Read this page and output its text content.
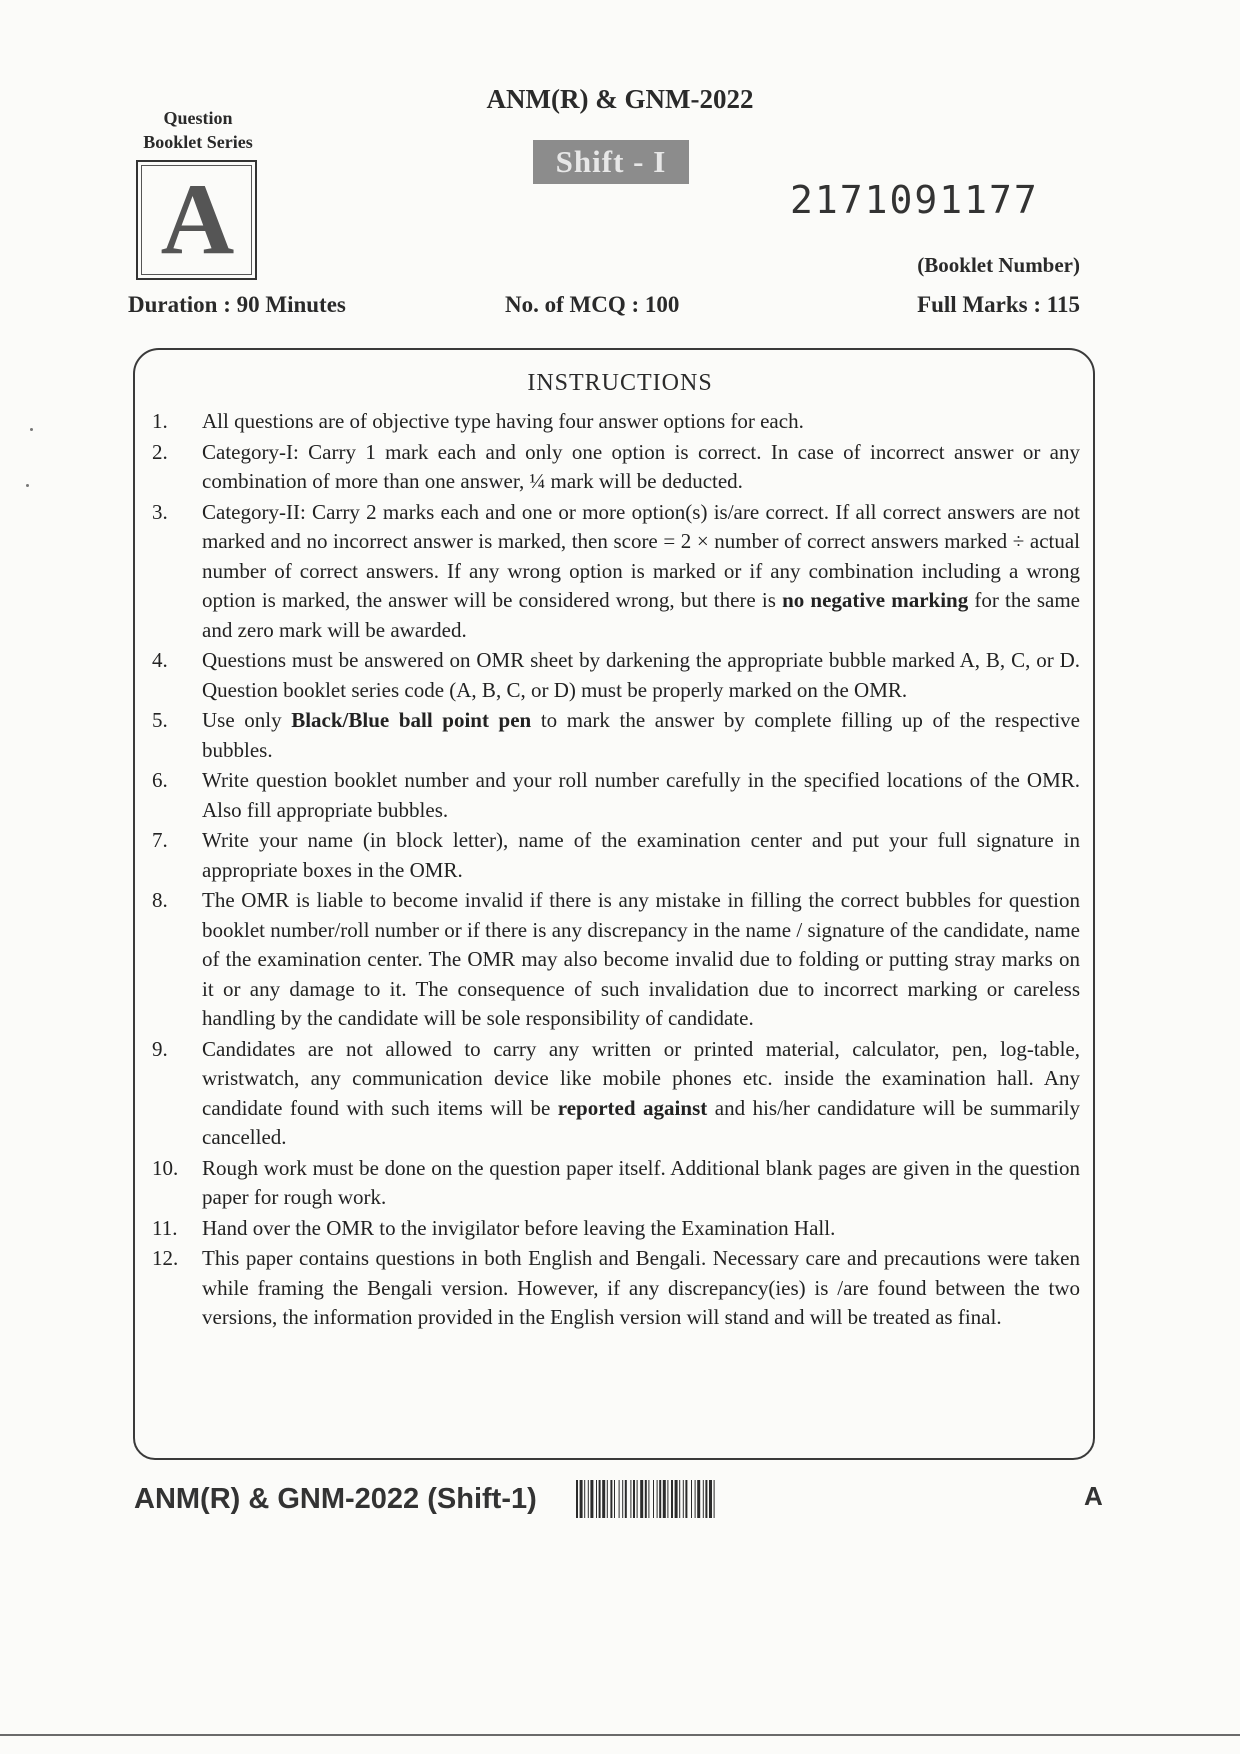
Question
Booklet Series
A
ANM(R) & GNM-2022
Shift - I
2171091177
(Booklet Number)
Duration : 90 Minutes	No. of MCQ : 100	Full Marks : 115
INSTRUCTIONS
1.	All questions are of objective type having four answer options for each.
2.	Category-I: Carry 1 mark each and only one option is correct. In case of incorrect answer or any combination of more than one answer, ¼ mark will be deducted.
3.	Category-II: Carry 2 marks each and one or more option(s) is/are correct. If all correct answers are not marked and no incorrect answer is marked, then score = 2 × number of correct answers marked ÷ actual number of correct answers. If any wrong option is marked or if any combination including a wrong option is marked, the answer will be considered wrong, but there is no negative marking for the same and zero mark will be awarded.
4.	Questions must be answered on OMR sheet by darkening the appropriate bubble marked A, B, C, or D. Question booklet series code (A, B, C, or D) must be properly marked on the OMR.
5.	Use only Black/Blue ball point pen to mark the answer by complete filling up of the respective bubbles.
6.	Write question booklet number and your roll number carefully in the specified locations of the OMR. Also fill appropriate bubbles.
7.	Write your name (in block letter), name of the examination center and put your full signature in appropriate boxes in the OMR.
8.	The OMR is liable to become invalid if there is any mistake in filling the correct bubbles for question booklet number/roll number or if there is any discrepancy in the name / signature of the candidate, name of the examination center. The OMR may also become invalid due to folding or putting stray marks on it or any damage to it. The consequence of such invalidation due to incorrect marking or careless handling by the candidate will be sole responsibility of candidate.
9.	Candidates are not allowed to carry any written or printed material, calculator, pen, log-table, wristwatch, any communication device like mobile phones etc. inside the examination hall. Any candidate found with such items will be reported against and his/her candidature will be summarily cancelled.
10.	Rough work must be done on the question paper itself. Additional blank pages are given in the question paper for rough work.
11.	Hand over the OMR to the invigilator before leaving the Examination Hall.
12.	This paper contains questions in both English and Bengali. Necessary care and precautions were taken while framing the Bengali version. However, if any discrepancy(ies) is /are found between the two versions, the information provided in the English version will stand and will be treated as final.
ANM(R) & GNM-2022 (Shift-1)	A
